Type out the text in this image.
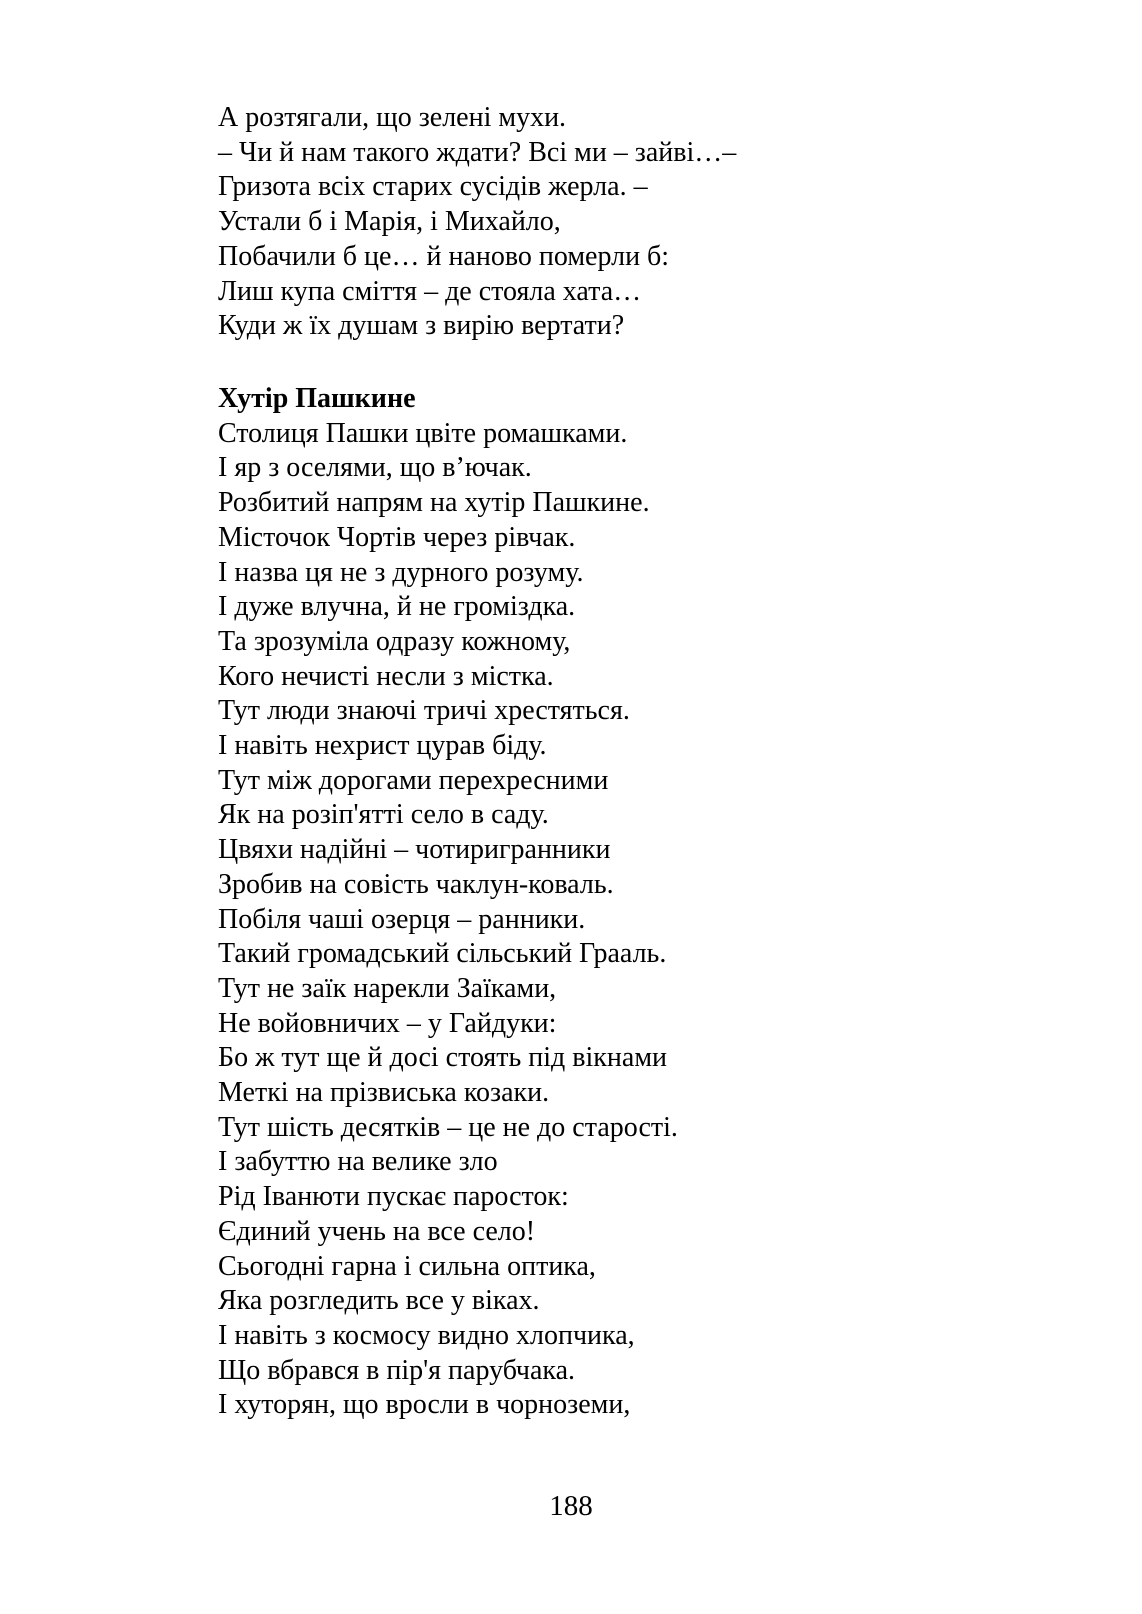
А розтягали, що зелені мухи.
– Чи й нам такого ждати? Всі ми – зайві…–
Гризота всіх старих сусідів жерла. –
Устали б і Марія, і Михайло,
Побачили б це… й наново померли б:
Лиш купа сміття – де стояла хата…
Куди ж їх душам з вирію вертати?
Хутір Пашкине
Столиця Пашки цвіте ромашками.
І яр з оселями, що в’ючак.
Розбитий напрям на хутір Пашкине.
Місточок Чортів через рівчак.
І назва ця не з дурного розуму.
І дуже влучна, й не громіздка.
Та зрозуміла одразу кожному,
Кого нечисті несли з містка.
Тут люди знаючі тричі хрестяться.
І навіть нехрист цурав біду.
Тут між дорогами перехресними
Як на розіп'ятті село в саду.
Цвяхи надійні – чотиригранники
Зробив на совість чаклун-коваль.
Побіля чаші озерця – ранники.
Такий громадський сільський Грааль.
Тут не заїк нарекли Заїками,
Не войовничих – у Гайдуки:
Бо ж тут ще й досі стоять під вікнами
Меткі на прізвиська козаки.
Тут шість десятків – це не до старості.
І забуттю на велике зло
Рід Іванюти пускає паросток:
Єдиний учень на все село!
Сьогодні гарна і сильна оптика,
Яка розгледить все у віках.
І навіть з космосу видно хлопчика,
Що вбрався в пір'я парубчака.
І хуторян, що вросли в чорноземи,
188
